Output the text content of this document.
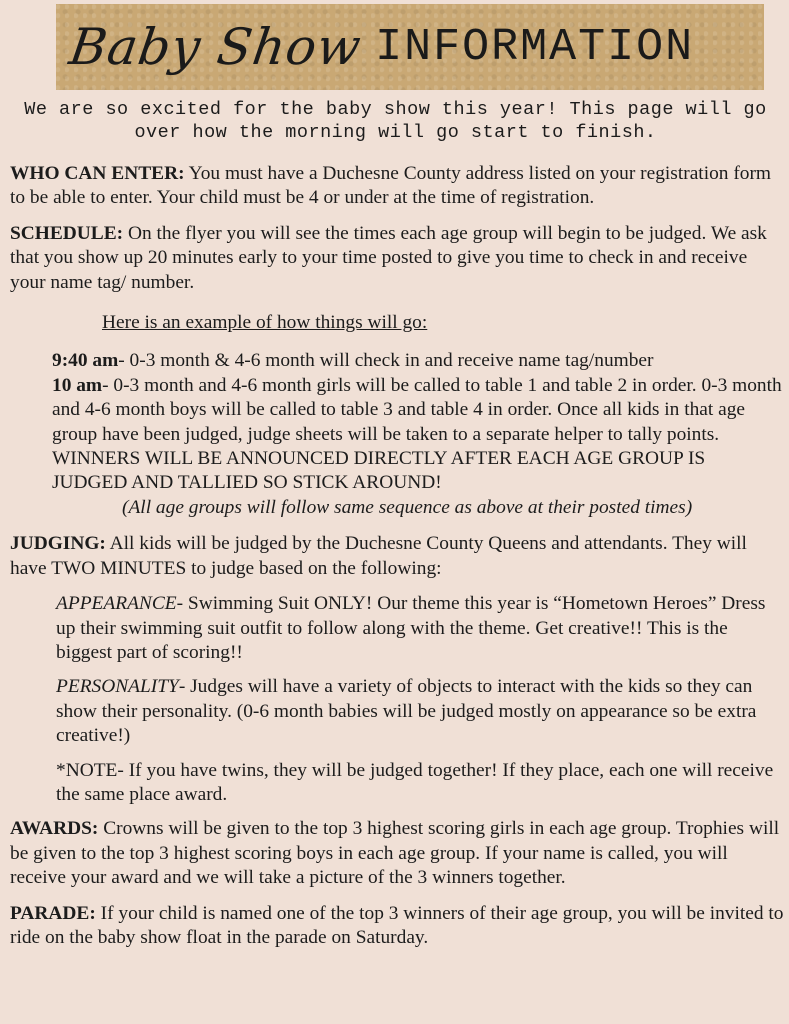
Baby Show INFORMATION
We are so excited for the baby show this year! This page will go over how the morning will go start to finish.

WHO CAN ENTER: You must have a Duchesne County address listed on your registration form to be able to enter. Your child must be 4 or under at the time of registration.

SCHEDULE: On the flyer you will see the times each age group will begin to be judged. We ask that you show up 20 minutes early to your time posted to give you time to check in and receive your name tag/ number.

Here is an example of how things will go:

9:40 am- 0-3 month & 4-6 month will check in and receive name tag/number

10 am- 0-3 month and 4-6 month girls will be called to table 1 and table 2 in order. 0-3 month and 4-6 month boys will be called to table 3 and table 4 in order. Once all kids in that age group have been judged, judge sheets will be taken to a separate helper to tally points. WINNERS WILL BE ANNOUNCED DIRECTLY AFTER EACH AGE GROUP IS JUDGED AND TALLIED SO STICK AROUND!

(All age groups will follow same sequence as above at their posted times)

JUDGING: All kids will be judged by the Duchesne County Queens and attendants. They will have TWO MINUTES to judge based on the following:

APPEARANCE- Swimming Suit ONLY! Our theme this year is “Hometown Heroes” Dress up their swimming suit outfit to follow along with the theme. Get creative!! This is the biggest part of scoring!!

PERSONALITY- Judges will have a variety of objects to interact with the kids so they can show their personality. (0-6 month babies will be judged mostly on appearance so be extra creative!)

*NOTE- If you have twins, they will be judged together! If they place, each one will receive the same place award.

AWARDS: Crowns will be given to the top 3 highest scoring girls in each age group. Trophies will be given to the top 3 highest scoring boys in each age group. If your name is called, you will receive your award and we will take a picture of the 3 winners together.

PARADE: If your child is named one of the top 3 winners of their age group, you will be invited to ride on the baby show float in the parade on Saturday.
